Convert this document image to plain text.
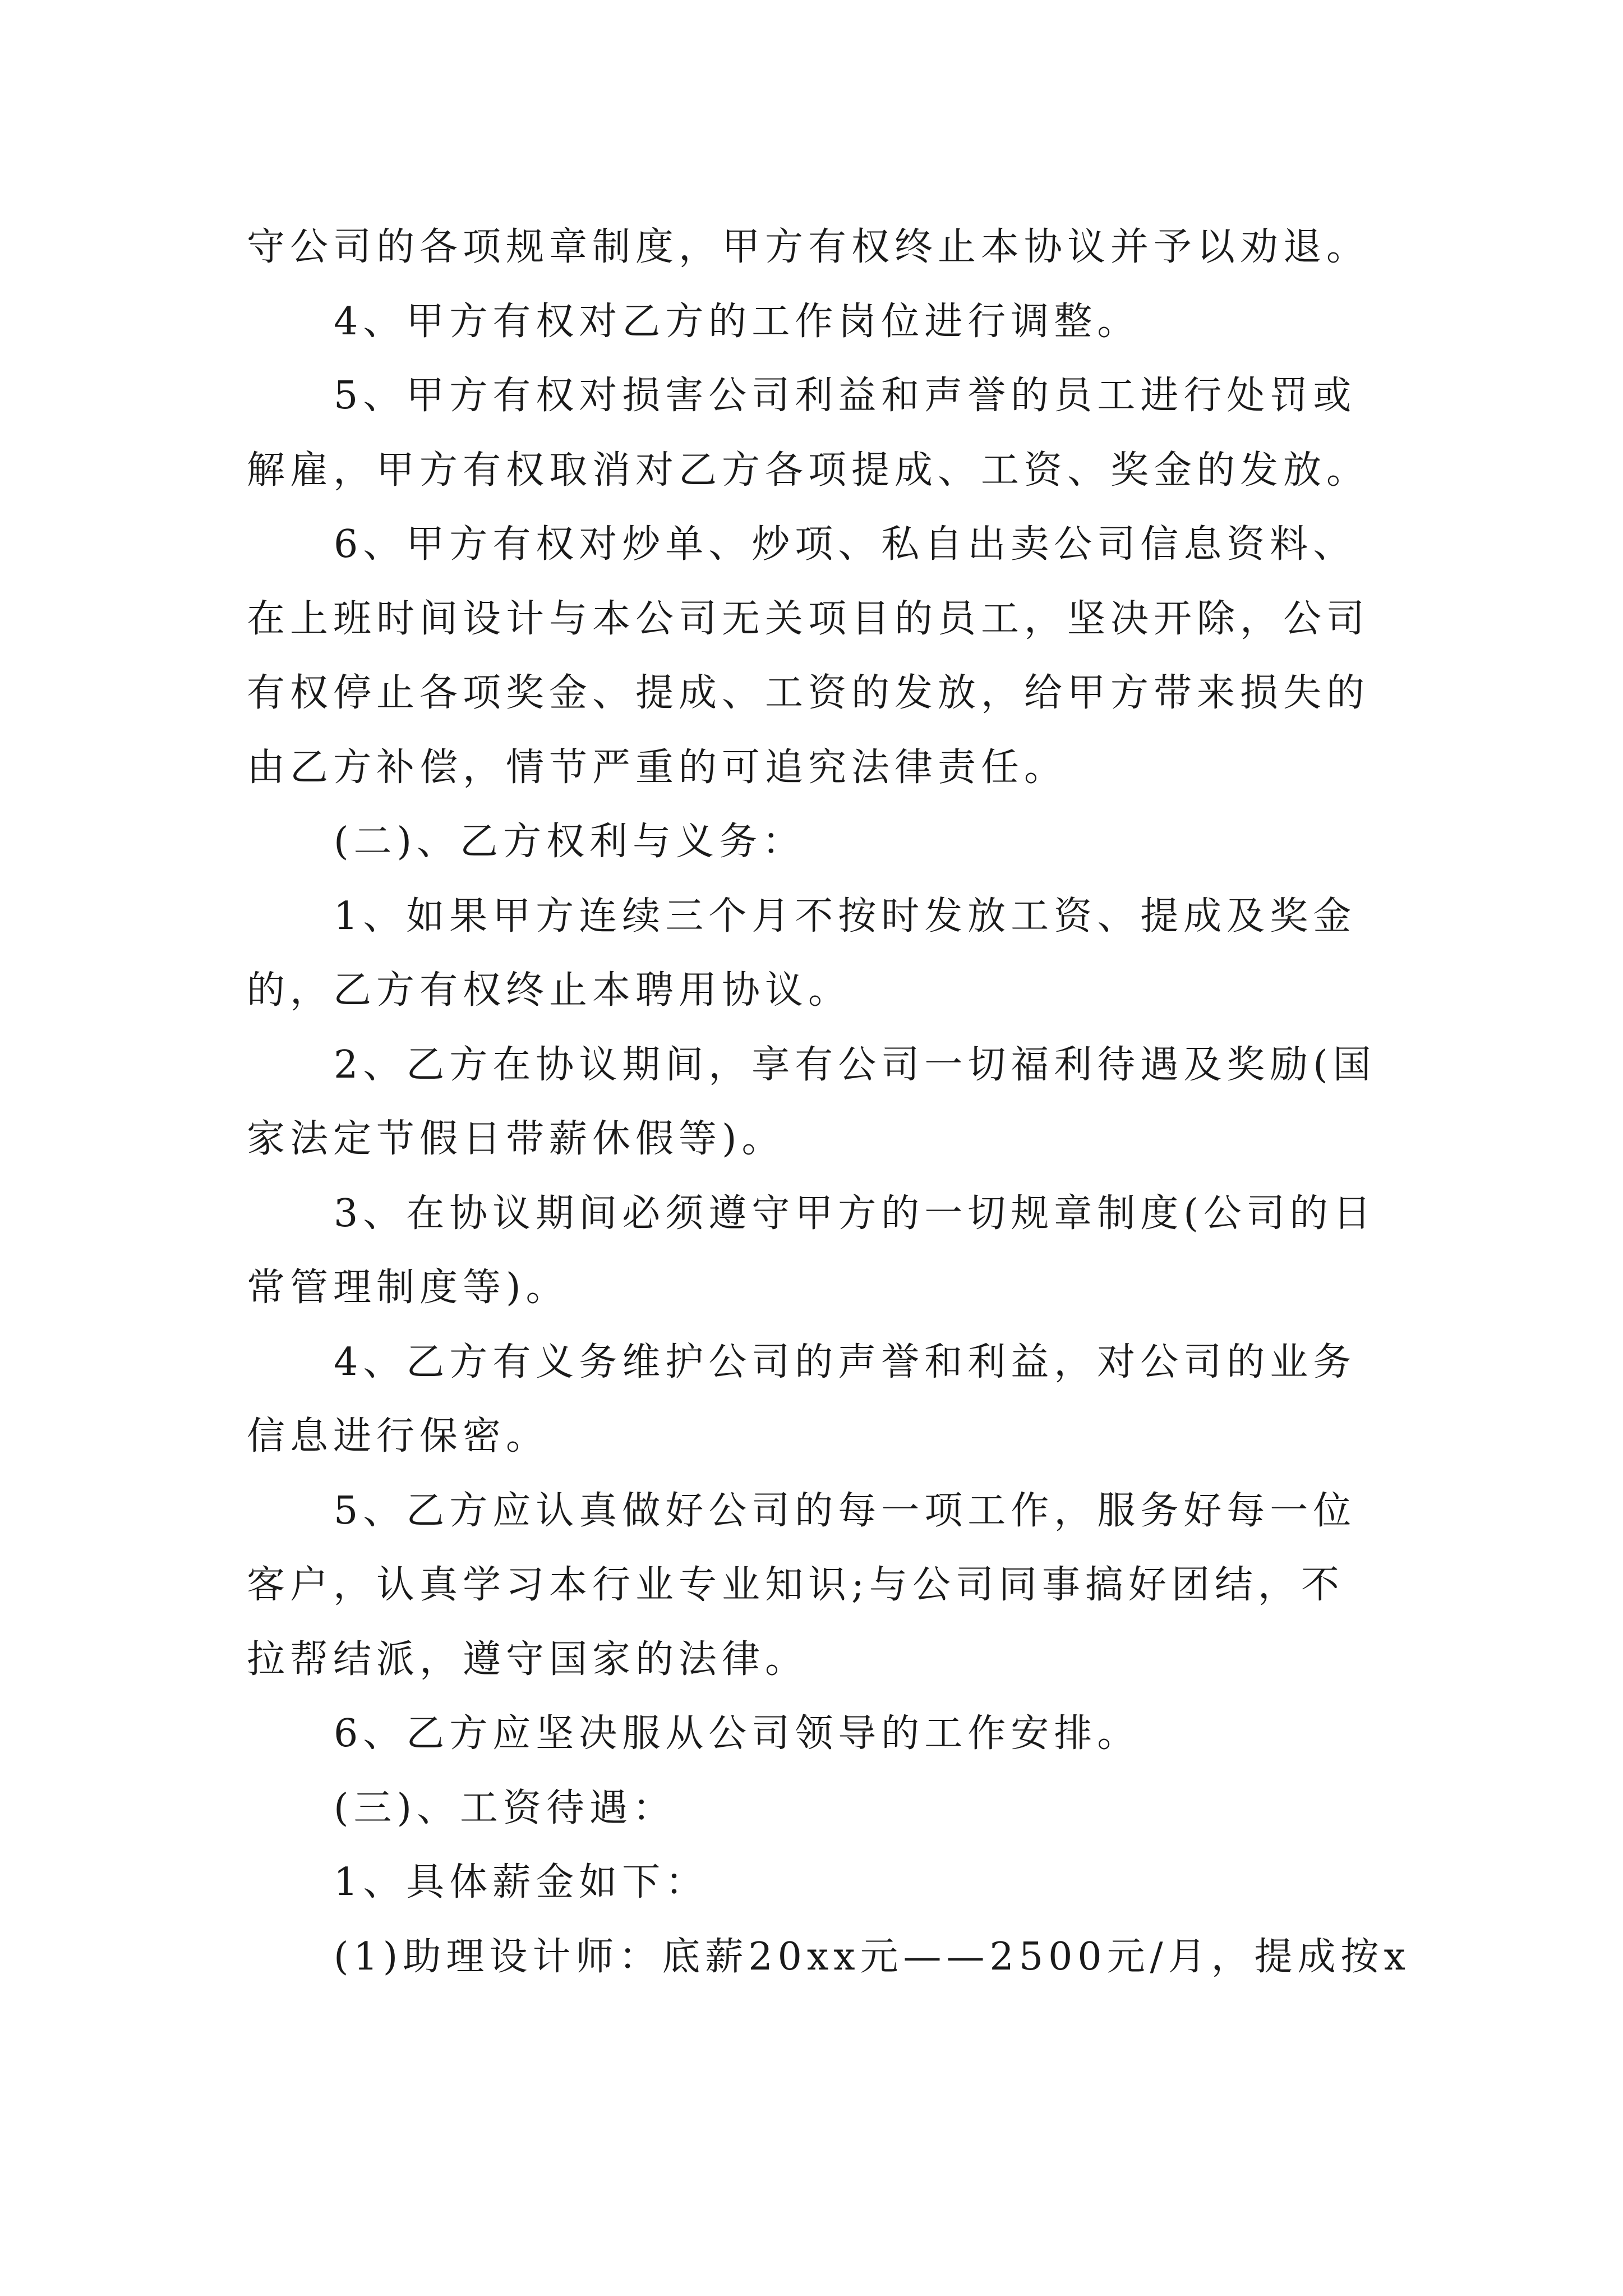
守公司的各项规章制度，甲方有权终止本协议并予以劝退。
4、甲方有权对乙方的工作岗位进行调整。
5、甲方有权对损害公司利益和声誉的员工进行处罚或
解雇，甲方有权取消对乙方各项提成、工资、奖金的发放。
6、甲方有权对炒单、炒项、私自出卖公司信息资料、
在上班时间设计与本公司无关项目的员工，坚决开除，公司
有权停止各项奖金、提成、工资的发放，给甲方带来损失的
由乙方补偿，情节严重的可追究法律责任。
(二)、乙方权利与义务：
1、如果甲方连续三个月不按时发放工资、提成及奖金
的，乙方有权终止本聘用协议。
2、乙方在协议期间，享有公司一切福利待遇及奖励(国
家法定节假日带薪休假等)。
3、在协议期间必须遵守甲方的一切规章制度(公司的日
常管理制度等)。
4、乙方有义务维护公司的声誉和利益，对公司的业务
信息进行保密。
5、乙方应认真做好公司的每一项工作，服务好每一位
客户，认真学习本行业专业知识;与公司同事搞好团结，不
拉帮结派，遵守国家的法律。
6、乙方应坚决服从公司领导的工作安排。
(三)、工资待遇：
1、具体薪金如下：
(1)助理设计师：底薪20xx元——2500元/月，提成按x
